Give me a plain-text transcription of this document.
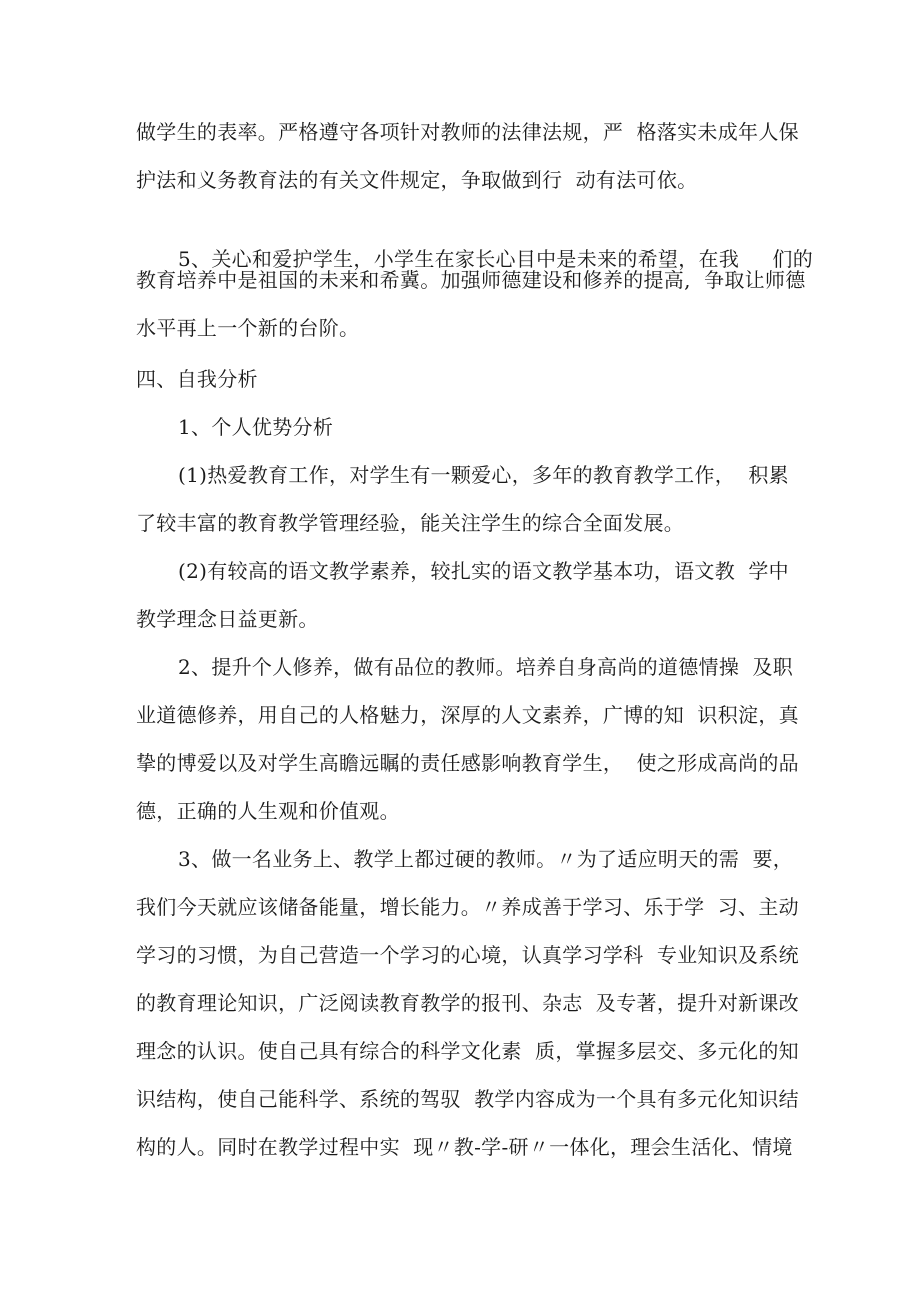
做学生的表率。严格遵守各项针对教师的法律法规，严  格落实未成年人保
护法和义务教育法的有关文件规定，争取做到行  动有法可依。
5、关心和爱护学生，小学生在家长心目中是未来的希望，在我     们的
教育培养中是祖国的未来和希冀。加强师德建设和修养的提高,  争取让师德
水平再上一个新的台阶。
四、自我分析
1、个人优势分析
(1)热爱教育工作，对学生有一颗爱心，多年的教育教学工作，  积累
了较丰富的教育教学管理经验，能关注学生的综合全面发展。
(2)有较高的语文教学素养，较扎实的语文教学基本功，语文教  学中
教学理念日益更新。
2、提升个人修养，做有品位的教师。培养自身高尚的道德情操  及职
业道德修养，用自己的人格魅力，深厚的人文素养，广博的知  识积淀，真
挚的博爱以及对学生高瞻远瞩的责任感影响教育学生，  使之形成高尚的品
德，正确的人生观和价值观。
3、做一名业务上、教学上都过硬的教师。〃为了适应明天的需  要，
我们今天就应该储备能量，增长能力。〃养成善于学习、乐于学  习、主动
学习的习惯，为自己营造一个学习的心境，认真学习学科  专业知识及系统
的教育理论知识，广泛阅读教育教学的报刊、杂志  及专著，提升对新课改
理念的认识。使自己具有综合的科学文化素  质，掌握多层交、多元化的知
识结构，使自己能科学、系统的驾驭  教学内容成为一个具有多元化知识结
构的人。同时在教学过程中实  现〃教-学-研〃一体化，理会生活化、情境
